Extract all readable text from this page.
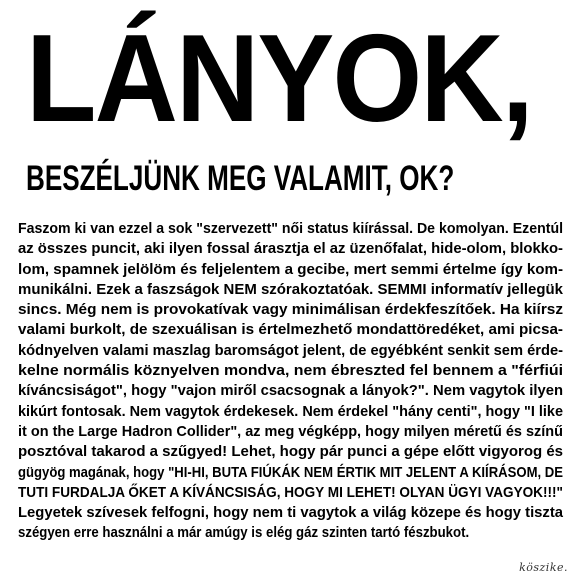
LÁNYOK,
BESZÉLJÜNK MEG VALAMIT, OK?
Faszom ki van ezzel a sok "szervezett" női status kiírással. De komolyan. Ezentúl
az összes puncit, aki ilyen fossal árasztja el az üzenőfalat, hide-olom, blokko-
lom, spamnek jelölöm és feljelentem a gecibe, mert semmi értelme így kom-
munikálni. Ezek a faszságok NEM szórakoztatóak. SEMMI informatív jellegük
sincs. Még nem is provokatívak vagy minimálisan érdekfeszítőek. Ha kiírsz
valami burkolt, de szexuálisan is értelmezhető mondattöredéket, ami picsa-
kódnyelven valami maszlag baromságot jelent, de egyébként senkit sem érde-
kelne normális köznyelven mondva, nem ébreszted fel bennem a "férfiúi
kíváncsiságot", hogy "vajon miről csacsognak a lányok?". Nem vagytok ilyen
kikúrt fontosak. Nem vagytok érdekesek. Nem érdekel "hány centi", hogy "I like
it on the Large Hadron Collider", az meg végképp, hogy milyen méretű és színű
posztóval takarod a szűgyed! Lehet, hogy pár punci a gépe előtt vigyorog és
gügyög magának, hogy "HI-HI, BUTA FIÚKÁK NEM ÉRTIK MIT JELENT A KIÍRÁSOM, DE
TUTI FURDALJA ŐKET A KÍVÁNCSISÁG, HOGY MI LEHET! OLYAN ÜGYI VAGYOK!!!"
Legyetek szívesek felfogni, hogy nem ti vagytok a világ közepe és hogy tiszta
szégyen erre használni a már amúgy is elég gáz szinten tartó fészbukot.
köszike.
